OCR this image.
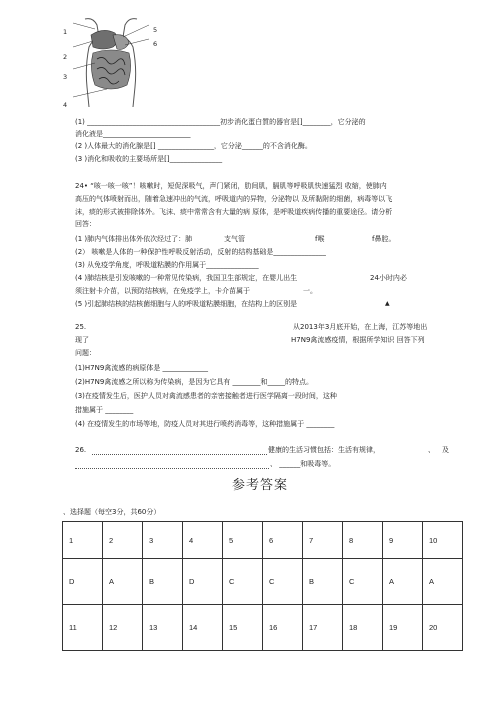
1
2
3
4
5
6
(1) ______________________________________初步消化蛋白質的器官是[]________，它分泌的
消化液是_________________________
(2 )人体最大的消化腺是[] ________________，它分泌______的不含消化酶。
(3 )消化和吸收的主要场所是[]_______________
24• “咳一咳一咳”！咳嗽时，短促深吸气，声门紧闭，肋间肌，膈肌等呼吸肌快速猛烈 收缩，使肺内
高压的气体喷射而出，随着急速冲出的气流，呼吸道内的异物，分泌物以 及所黏附的细菌，病毒等以飞
沫，痰的形式被排除体外。飞沫、痰中常常含有大量的病 原体，是呼吸道疾病传播的重要途径。请分析
回答：
(1 )肺内气体排出体外依次经过了：肺	支气管	f喉	f鼻腔。
(2） 咳嗽是人体的一种保护性呼吸反射活动，反射的结构基础是_______________
(3) 从免疫学角度，呼吸道粘膜的作用属于_______________
(4 )肺结核是引发咳嗽的一种常见传染病，我国卫生部规定，在婴儿出生	24小时内必
须注射卡介苗，以预防结核病，在免疫学上，卡介苗属于	一。
(5 )引起肺结核的结核菌细胞与人的呼吸道粘膜细胞，在结构上的区别是	▲
25.	从2013年3月底开始，在上海，江苏等地出
现了	H7N9禽流感疫情，根据所学知识 回答下列
问题：
(1)H7N9禽流感的病原体是 _____________
(2)H7N9禽流感之所以称为传染病，是因为它具有 ________和_____的特点。
(3)在疫情发生后，医护人员对禽流感患者的亲密接触者进行医学隔离一段时间，这种
措施属于 ________
(4) 在疫情发生的市场等地，防疫人员对其进行喷药消毒等，这种措施属于 ________
26.	健康的生活习惯包括：生活有规律，	、 及
、 ______和吸毒等。
参考答案
、选择题（每空3分，共60分）
1	2	3	4	5	6	7	8	9	10
D	A	B	D	C	C	B	C	A	A
11	12	13	14	15	16	17	18	19	20
